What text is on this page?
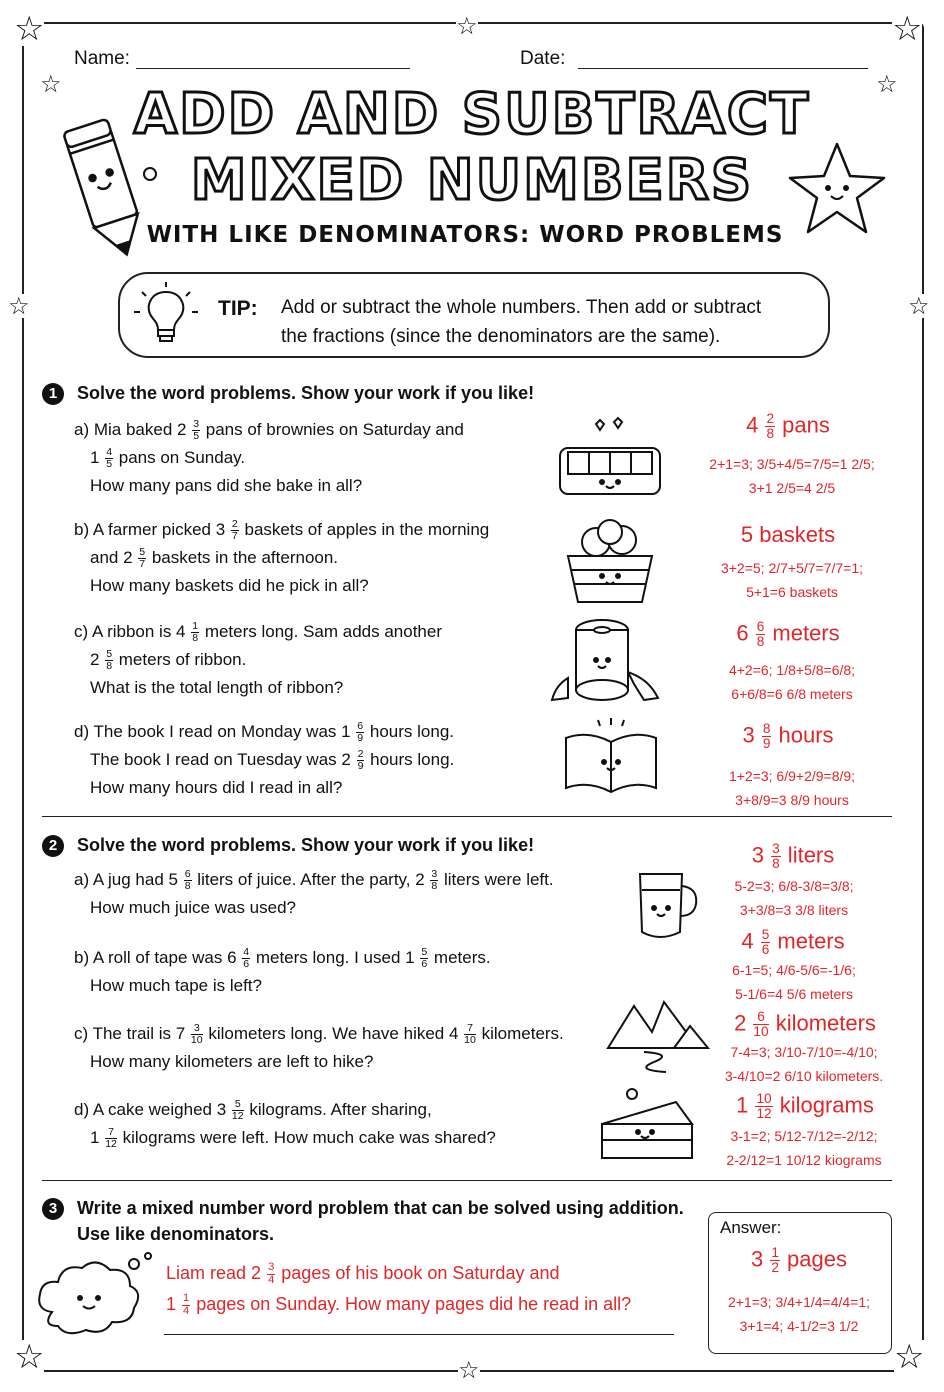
☆	☆
☆
☆	☆
☆	☆
☆	☆
☆
Name:	Date:
ADD AND SUBTRACT
MIXED NUMBERS
WITH LIKE DENOMINATORS: WORD PROBLEMS
TIP: Add or subtract the whole numbers. Then add or subtract
the fractions (since the denominators are the same).
1	Solve the word problems. Show your work if you like!
a) Mia baked $2 \frac{3}{5}$ pans of brownies on Saturday and
$1 \frac{4}{5}$ pans on Sunday.
How many pans did she bake in all?
b) A farmer picked $3 \frac{2}{7}$ baskets of apples in the morning
and $2 \frac{5}{7}$ baskets in the afternoon.
How many baskets did he pick in all?
c) A ribbon is $4 \frac{1}{8}$ meters long. Sam adds another
$2 \frac{5}{8}$ meters of ribbon.
What is the total length of ribbon?
d) The book I read on Monday was $1 \frac{6}{9}$ hours long.
The book I read on Tuesday was $2 \frac{2}{9}$ hours long.
How many hours did I read in all?
$4 \frac{2}{8}$ pans
2+1=3; 3/5+4/5=7/5=1 2/5;
3+1 2/5=4 2/5
5 baskets
3+2=5; 2/7+5/7=7/7=1;
5+1=6 baskets
$6 \frac{6}{8}$ meters
4+2=6; 1/8+5/8=6/8;
6+6/8=6 6/8 meters
$3 \frac{8}{9}$ hours
1+2=3; 6/9+2/9=8/9;
3+8/9=3 8/9 hours
2	Solve the word problems. Show your work if you like!
a) A jug had $5 \frac{6}{8}$ liters of juice. After the party, $2 \frac{3}{8}$ liters were left.
How much juice was used?
b) A roll of tape was $6 \frac{4}{6}$ meters long. I used $1 \frac{5}{6}$ meters.
How much tape is left?
c) The trail is $7 \frac{3}{10}$ kilometers long. We have hiked $4 \frac{7}{10}$ kilometers.
How many kilometers are left to hike?
d) A cake weighed $3 \frac{5}{12}$ kilograms. After sharing,
$1 \frac{7}{12}$ kilograms were left. How much cake was shared?
$3 \frac{3}{8}$ liters
5-2=3; 6/8-3/8=3/8;
3+3/8=3 3/8 liters
$4 \frac{5}{6}$ meters
6-1=5; 4/6-5/6=-1/6;
5-1/6=4 5/6 meters
$2 \frac{6}{10}$ kilometers
7-4=3; 3/10-7/10=-4/10;
3-4/10=2 6/10 kilometers.
$1 \frac{10}{12}$ kilograms
3-1=2; 5/12-7/12=-2/12;
2-2/12=1 10/12 kiograms
3	Write a mixed number word problem that can be solved using addition.
Use like denominators.
Liam read $2 \frac{3}{4}$ pages of his book on Saturday and
$1 \frac{1}{4}$ pages on Sunday. How many pages did he read in all?
Answer:
$3 \frac{1}{2}$ pages
2+1=3; 3/4+1/4=4/4=1;
3+1=4; 4-1/2=3 1/2
